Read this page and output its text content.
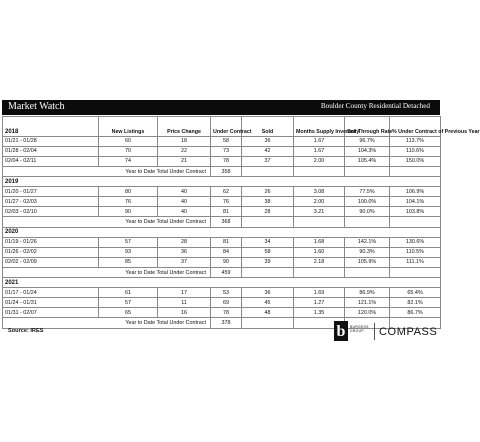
Market Watch	Boulder County Residential Detached
2018	New Listings	Price Change	Under Contract	Sold	Months Supply Inventory	Sell Through Rate	% Under Contract of Previous Year
01/21 - 01/28	60	18	58	36	1.67	96.7%	113.7%
01/28 - 02/04	70	22	73	42	1.67	104.3%	110.6%
02/04 - 02/11	74	21	78	37	2.00	105.4%	150.0%
Year to Date Total Under Contract			358				
2019							
01/20 - 01/27	80	40	62	26	3.08	77.5%	106.9%
01/27 - 02/03	76	40	76	38	2.00	100.0%	104.1%
02/03 - 02/10	90	40	81	28	3.21	90.0%	103.8%
Year to Date Total Under Contract			368				
2020							
01/19 - 01/26	57	28	81	34	1.68	142.1%	130.6%
01/26 - 02/02	93	36	84	58	1.60	90.3%	110.5%
02/02 - 02/09	85	37	90	39	2.18	105.9%	111.1%
Year to Date Total Under Contract			459				
2021							
01/17 - 01/24	61	17	53	36	1.69	86.9%	65.4%
01/24 - 01/31	57	11	69	45	1.27	121.1%	82.1%
01/31 - 02/07	65	16	78	48	1.35	120.0%	86.7%
Year to Date Total Under Contract			378				
Source: IRES	b BURGESS
GROUP	COMPASS
